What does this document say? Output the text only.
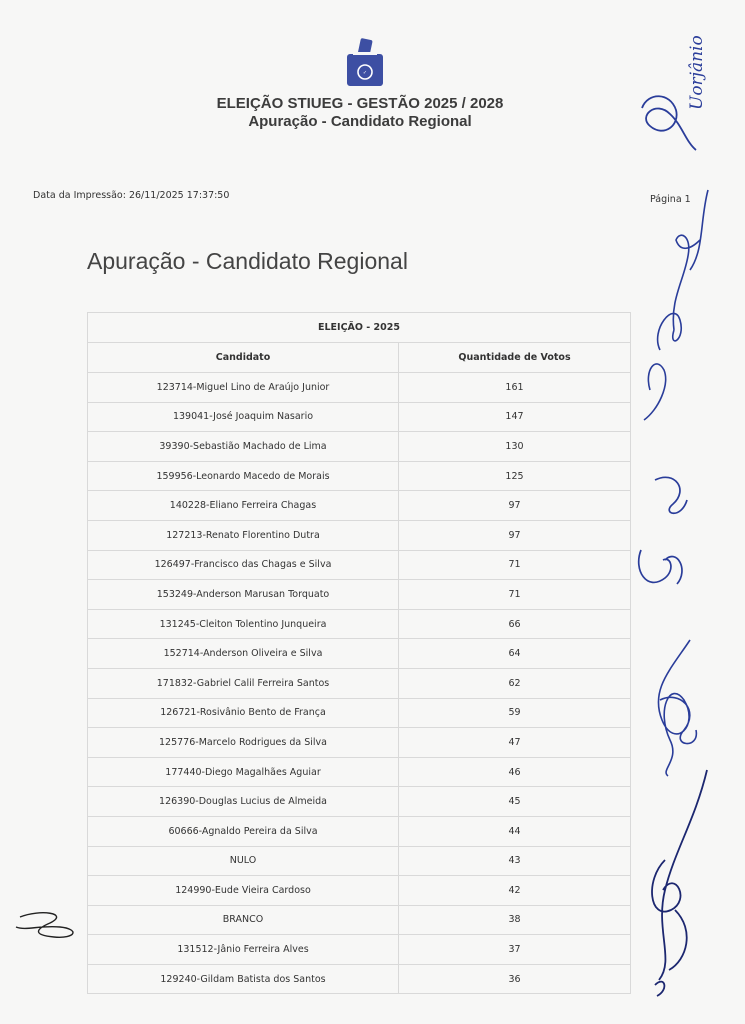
✓
ELEIÇÃO STIUEG - GESTÃO 2025 / 2028
Apuração - Candidato Regional
Data da Impressão: 26/11/2025 17:37:50	Página 1
Apuração - Candidato Regional
ELEIÇÃO - 2025	
Candidato	Quantidade de Votos
123714-Miguel Lino de Araújo Junior	161
139041-José Joaquim Nasario	147
39390-Sebastião Machado de Lima	130
159956-Leonardo Macedo de Morais	125
140228-Eliano Ferreira Chagas	97
127213-Renato Florentino Dutra	97
126497-Francisco das Chagas e Silva	71
153249-Anderson Marusan Torquato	71
131245-Cleiton Tolentino Junqueira	66
152714-Anderson Oliveira e Silva	64
171832-Gabriel Calil Ferreira Santos	62
126721-Rosivânio Bento de França	59
125776-Marcelo Rodrigues da Silva	47
177440-Diego Magalhães Aguiar	46
126390-Douglas Lucius de Almeida	45
60666-Agnaldo Pereira da Silva	44
NULO	43
124990-Eude Vieira Cardoso	42
BRANCO	38
131512-Jânio Ferreira Alves	37
129240-Gildam Batista dos Santos	36
Uorjânio
